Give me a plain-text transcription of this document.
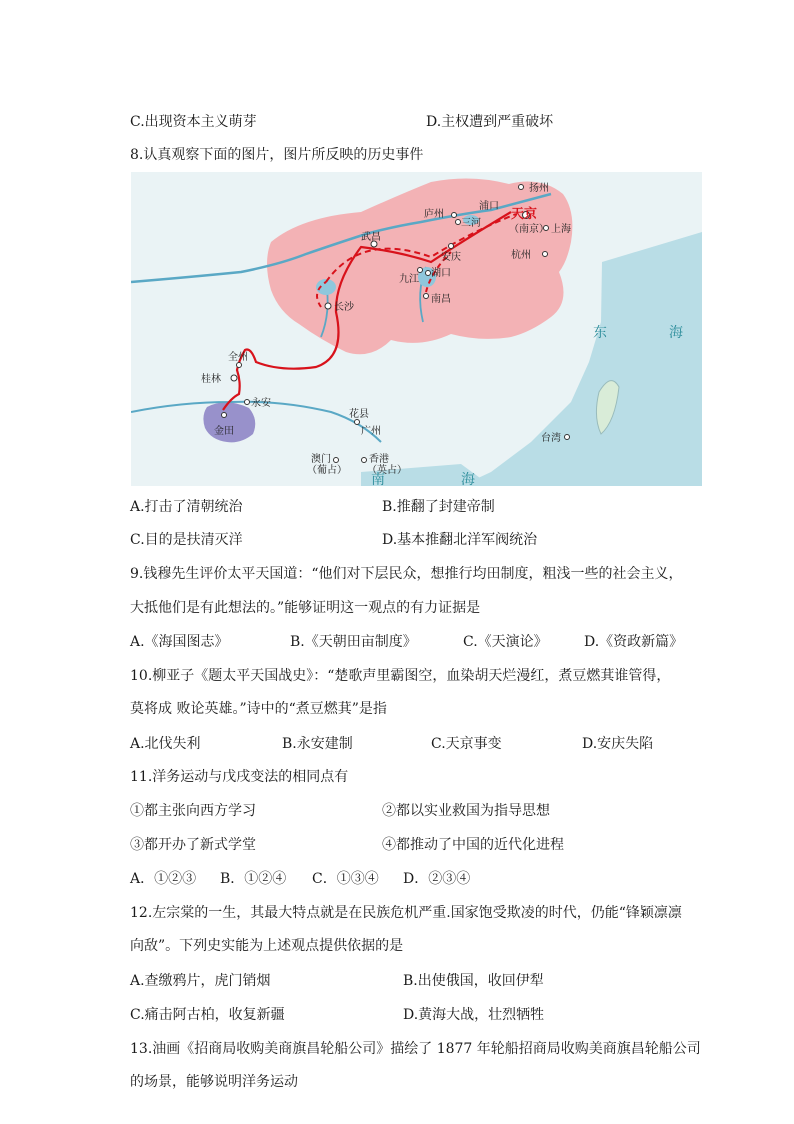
C.出现资本主义萌芽	D.主权遭到严重破坏
8.认真观察下面的图片，图片所反映的历史事件
扬州
浦口
庐州
三河
天京
（南京） 上海
武昌
安庆	杭州
九江
湖口
南昌
长沙
全州
桂林
永安
金田
花县
广州
澳门
（葡占）
香港
（英占）
台湾
东	海
南	海
A.打击了清朝统治	B.推翻了封建帝制
C.目的是扶清灭洋	D.基本推翻北洋军阀统治
9.钱穆先生评价太平天国道：“他们对下层民众，想推行均田制度，粗浅一些的社会主义，
大抵他们是有此想法的。”能够证明这一观点的有力证据是
A.《海国图志》	B.《天朝田亩制度》	C.《天演论》	D.《资政新篇》
10.柳亚子《题太平天国战史》：“楚歌声里霸图空，血染胡天烂漫红，煮豆燃萁谁管得，
莫将成 败论英雄。”诗中的“煮豆燃萁”是指
A.北伐失利	B.永安建制	C.天京事变	D.安庆失陷
11.洋务运动与戊戌变法的相同点有
①都主张向西方学习	②都以实业救国为指导思想
③都开办了新式学堂	④都推动了中国的近代化进程
A．①②③ B．①②④ C．①③④ D．②③④
12.左宗棠的一生，其最大特点就是在民族危机严重.国家饱受欺凌的时代，仍能“锋颖凛凛
向敌”。下列史实能为上述观点提供依据的是
A.查缴鸦片，虎门销烟	B.出使俄国，收回伊犁
C.痛击阿古柏，收复新疆	D.黄海大战，壮烈牺牲
13.油画《招商局收购美商旗昌轮船公司》描绘了 1877 年轮船招商局收购美商旗昌轮船公司
的场景，能够说明洋务运动
